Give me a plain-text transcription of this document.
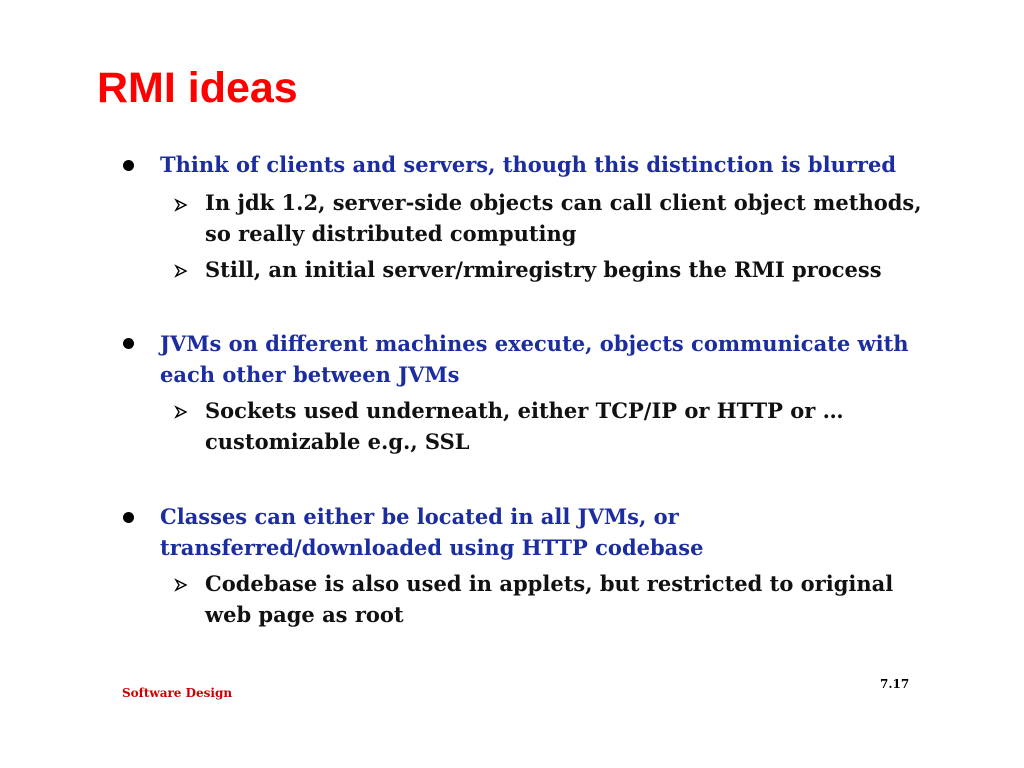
RMI ideas

Think of clients and servers, though this distinction is blurred

In jdk 1.2, server-side objects can call client object methods,

so really distributed computing

Still, an initial server/rmiregistry begins the RMI process

JVMs on different machines execute, objects communicate with

each other between JVMs

Sockets used underneath, either TCP/IP or HTTP or …

customizable e.g., SSL

Classes can either be located in all JVMs, or

transferred/downloaded using HTTP codebase

Codebase is also used in applets, but restricted to original

web page as root

Software Design
7.17
